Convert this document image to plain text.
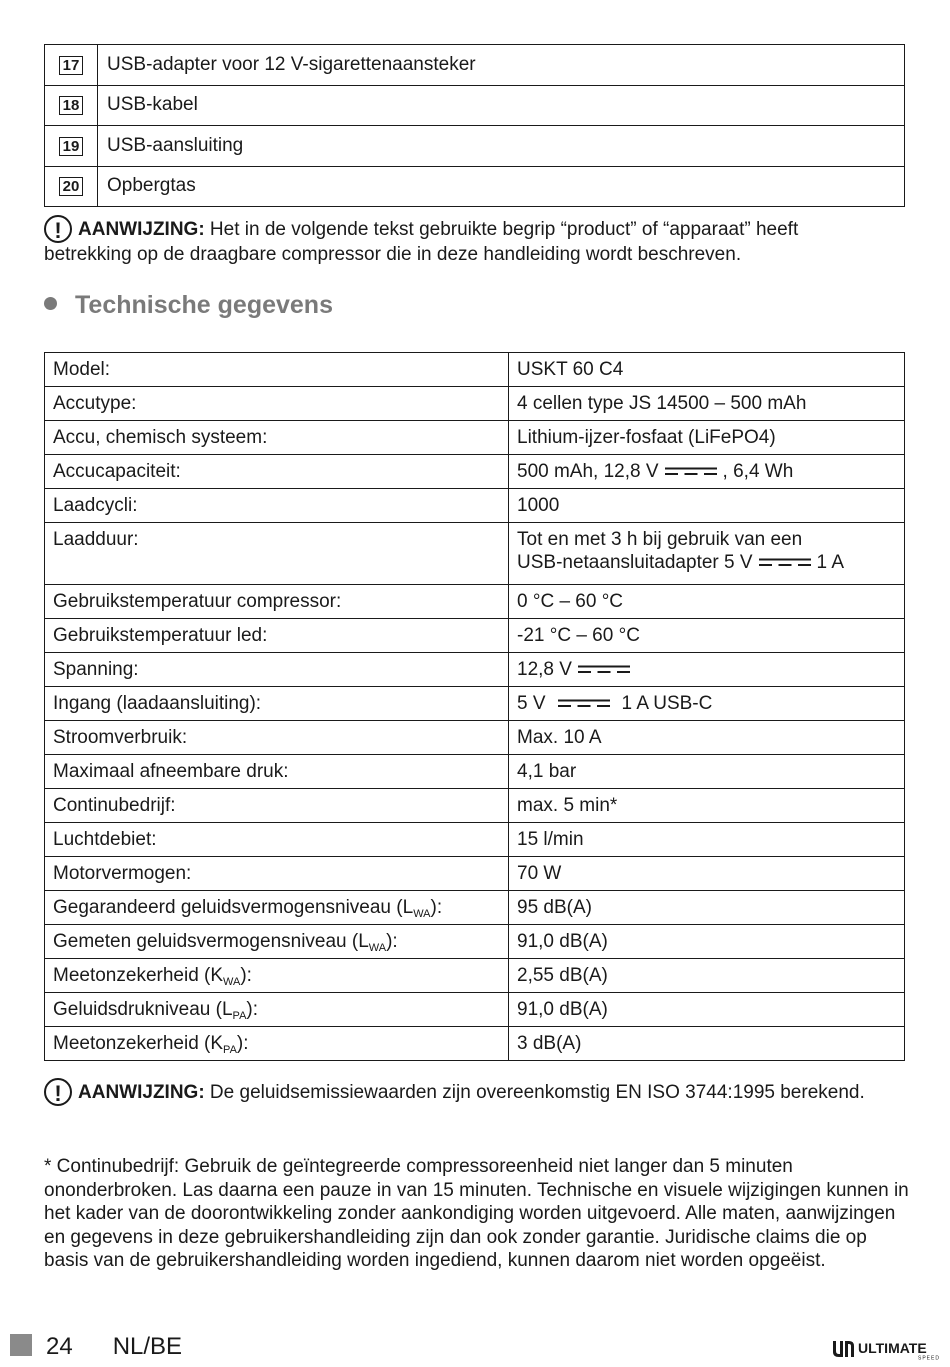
17	USB-adapter voor 12 V-sigarettenaansteker
18	USB-kabel
19	USB-aansluiting
20	Opbergtas
! AANWIJZING: Het in de volgende tekst gebruikte begrip “product” of “apparaat” heeft betrekking op de draagbare compressor die in deze handleiding wordt beschreven.
Technische gegevens
Model:	USKT 60 C4
Accutype:	4 cellen type JS 14500 – 500 mAh
Accu, chemisch systeem:	Lithium-ijzer-fosfaat (LiFePO4)
Accucapaciteit:	500 mAh, 12,8 V , 6,4 Wh
Laadcycli:	1000
Laadduur:	Tot en met 3 h bij gebruik van een
USB-netaansluitadapter 5 V 1 A
Gebruikstemperatuur compressor:	0 °C – 60 °C
Gebruikstemperatuur led:	-21 °C – 60 °C
Spanning:	12,8 V
Ingang (laadaansluiting):	5 V 1 A USB-C
Stroomverbruik:	Max. 10 A
Maximaal afneembare druk:	4,1 bar
Continubedrijf:	max. 5 min*
Luchtdebiet:	15 l/min
Motorvermogen:	70 W
Gegarandeerd geluidsvermogensniveau $(L_{WA})$:	95 dB(A)
Gemeten geluidsvermogensniveau $(L_{WA})$:	91,0 dB(A)
Meetonzekerheid $(K_{WA})$:	2,55 dB(A)
Geluidsdrukniveau $(L_{PA})$:	91,0 dB(A)
Meetonzekerheid $(K_{PA})$:	3 dB(A)
! AANWIJZING: De geluidsemissiewaarden zijn overeenkomstig EN ISO 3744:1995 berekend.
* Continubedrijf: Gebruik de geïntegreerde compressoreenheid niet langer dan 5 minuten ononderbroken. Las daarna een pauze in van 15 minuten. Technische en visuele wijzigingen kunnen in het kader van de doorontwikkeling zonder aankondiging worden uitgevoerd. Alle maten, aanwijzingen en gegevens in deze gebruikershandleiding zijn dan ook zonder garantie. Juridische claims die op basis van de gebruikershandleiding worden ingediend, kunnen daarom niet worden opgeëist.
24 NL/BE	ULTIMATE
SPEED
